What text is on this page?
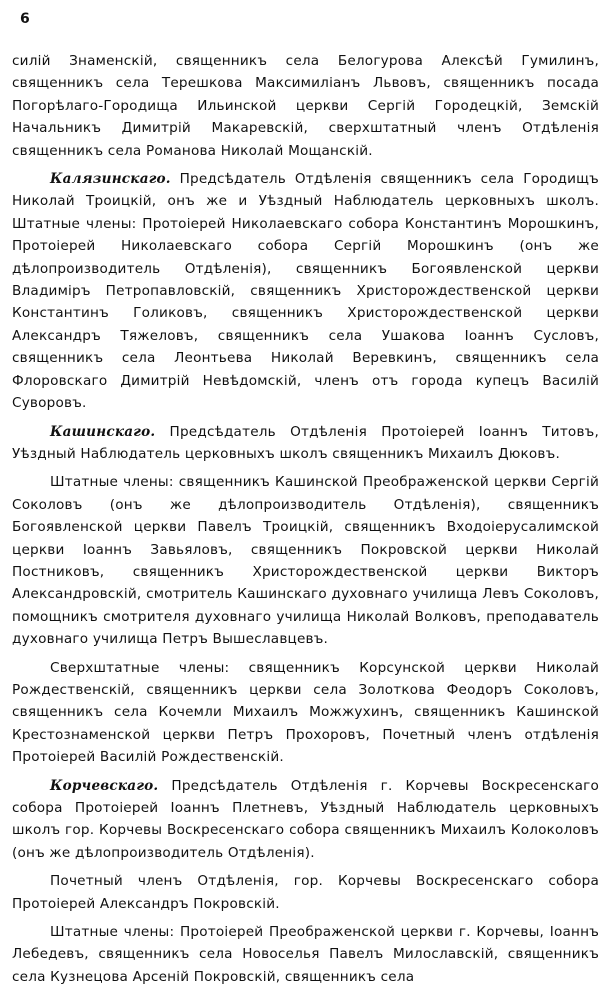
6

силiй Знаменскiй, священникъ села Белогурова Алексѣй Гумилинъ, священникъ села Терешкова Максимилiанъ Львовъ, священникъ посада Погорѣлаго-Городища Ильинской церкви Сергiй Городецкiй, Земскiй Начальникъ Димитрiй Макаревскiй, сверхштатный членъ Отдѣленiя священникъ села Романова Николай Мощанскiй.

Калязинскаго. Предсѣдатель Отдѣленiя священникъ села Городищъ Николай Троицкiй, онъ же и Уѣздный Наблюдатель церковныхъ школъ. Штатные члены: Протоiерей Николаевскаго собора Константинъ Морошкинъ, Протоiерей Николаевскаго собора Сергiй Морошкинъ (онъ же дѣлопроизводитель Отдѣленiя), священникъ Богоявленской церкви Владимiръ Петропавловскiй, священникъ Христорождественской церкви Константинъ Голиковъ, священникъ Христорождественской церкви Александръ Тяжеловъ, священникъ села Ушакова Iоаннъ Сусловъ, священникъ села Леонтьева Николай Веревкинъ, священникъ села Флоровскаго Димитрiй Невѣдомскiй, членъ отъ города купецъ Василiй Суворовъ.

Кашинскаго. Предсѣдатель Отдѣленiя Протоiерей Iоаннъ Титовъ, Уѣздный Наблюдатель церковныхъ школъ священникъ Михаилъ Дюковъ.

Штатные члены: священникъ Кашинской Преображенской церкви Сергiй Соколовъ (онъ же дѣлопроизводитель Отдѣленiя), священникъ Богоявленской церкви Павелъ Троицкiй, священникъ Входоiерусалимской церкви Iоаннъ Завьяловъ, священникъ Покровской церкви Николай Постниковъ, священникъ Христорождественской церкви Викторъ Александровскiй, смотритель Кашинскаго духовнаго училища Левъ Соколовъ, помощникъ смотрителя духовнаго училища Николай Волковъ, преподаватель духовнаго училища Петръ Вышеславцевъ.

Сверхштатные члены: священникъ Корсунской церкви Николай Рождественскiй, священникъ церкви села Золоткова Феодоръ Соколовъ, священникъ села Кочемли Михаилъ Можжухинъ, священникъ Кашинской Крестознаменской церкви Петръ Прохоровъ, Почетный членъ отдѣленiя Протоiерей Василiй Рождественскiй.

Корчевскаго. Предсѣдатель Отдѣленiя г. Корчевы Воскресенскаго собора Протоiерей Iоаннъ Плетневъ, Уѣздный Наблюдатель церковныхъ школъ гор. Корчевы Воскресенскаго собора священникъ Михаилъ Колоколовъ (онъ же дѣлопроизводитель Отдѣленiя).

Почетный членъ Отдѣленiя, гор. Корчевы Воскресенскаго собора Протоiерей Александръ Покровскiй.

Штатные члены: Протоiерей Преображенской церкви г. Корчевы, Iоаннъ Лебедевъ, священникъ села Новоселья Павелъ Милославскiй, священникъ села Кузнецова Арсенiй Покровскiй, священникъ села
